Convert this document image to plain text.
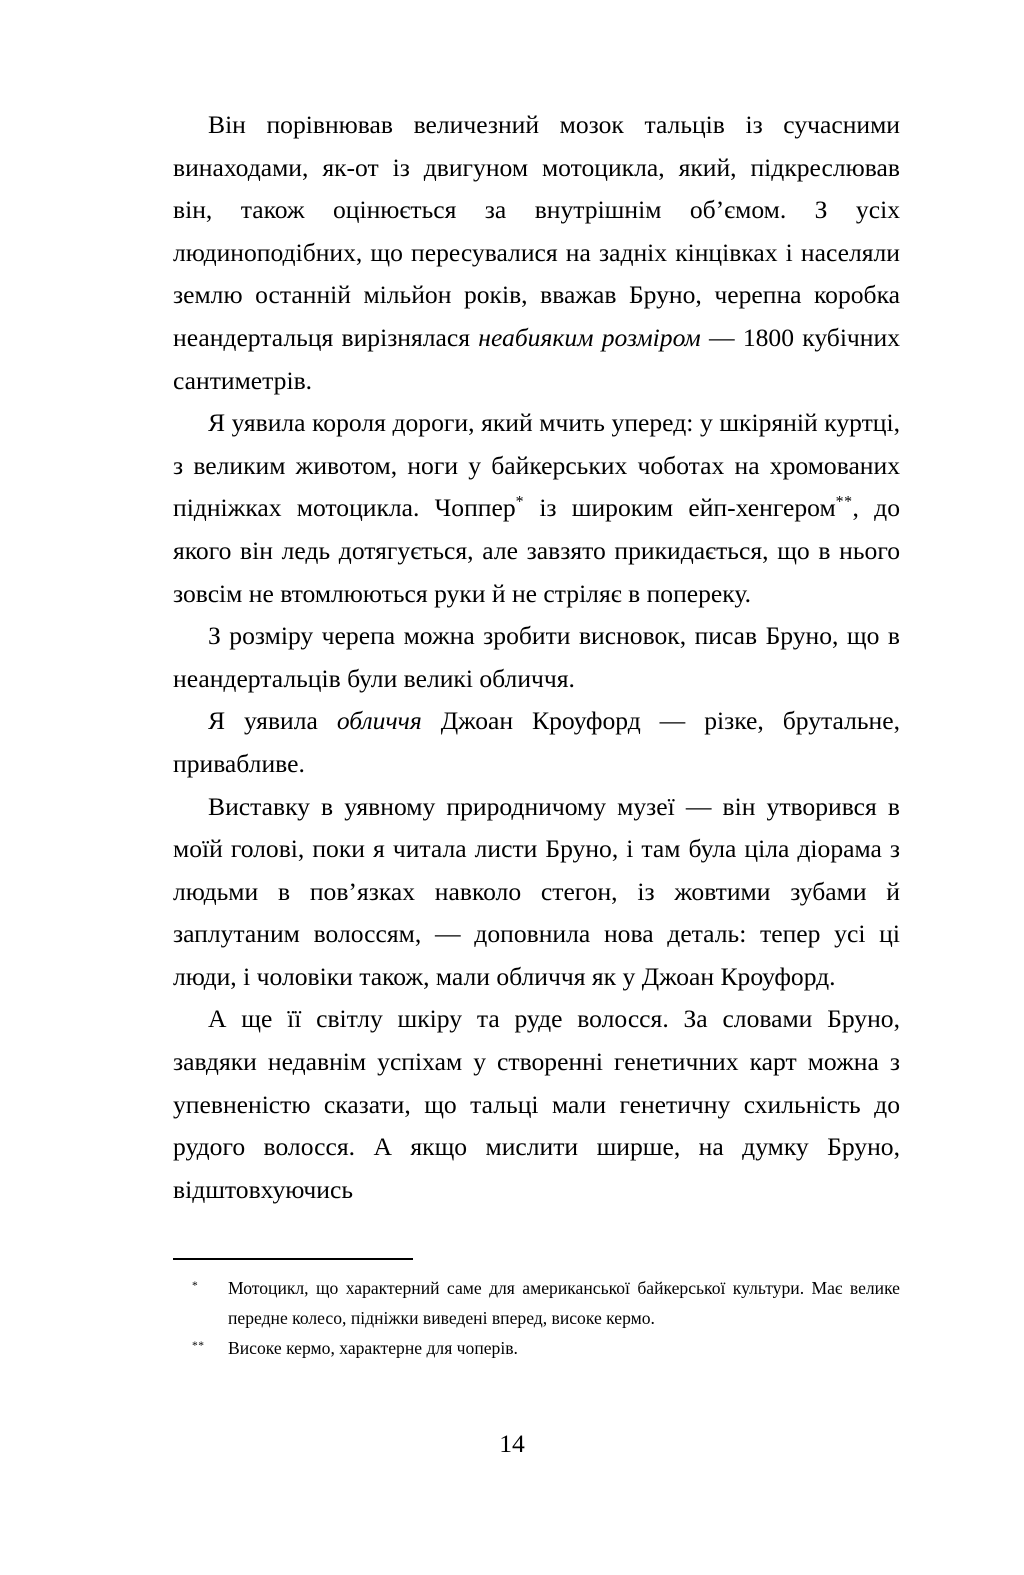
Він порівнював величезний мозок тальців із сучасними винаходами, як-от із двигуном мотоцикла, який, підкреслював він, також оцінюється за внутрішнім об’ємом. З усіх людиноподібних, що пересувалися на задніх кінцівках і населяли землю останній мільйон років, вважав Бруно, черепна коробка неандертальця вирізнялася неабияким розміром — 1800 кубічних сантиметрів.

Я уявила короля дороги, який мчить уперед: у шкіряній куртці, з великим животом, ноги у байкерських чоботах на хромованих підніжках мотоцикла. Чоппер* із широким ейп-хенгером**, до якого він ледь дотягується, але завзято прикидається, що в нього зовсім не втомлюються руки й не стріляє в попереку.

З розміру черепа можна зробити висновок, писав Бруно, що в неандертальців були великі обличчя.

Я уявила обличчя Джоан Кроуфорд — різке, брутальне, привабливе.

Виставку в уявному природничому музеї — він утворився в моїй голові, поки я читала листи Бруно, і там була ціла діорама з людьми в пов’язках навколо стегон, із жовтими зубами й заплутаним волоссям, — доповнила нова деталь: тепер усі ці люди, і чоловіки також, мали обличчя як у Джоан Кроуфорд.

А ще її світлу шкіру та руде волосся. За словами Бруно, завдяки недавнім успіхам у створенні генетичних карт можна з упевненістю сказати, що тальці мали генетичну схильність до рудого волосся. А якщо мислити ширше, на думку Бруно, відштовхуючись

*	Мотоцикл, що характерний саме для американської байкерської культури. Має велике передне колесо, підніжки виведені вперед, високе кермо.
**	Високе кермо, характерне для чоперів.
14
